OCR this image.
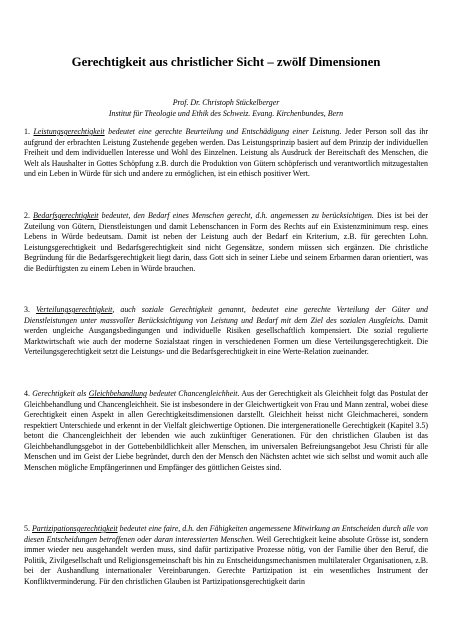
Gerechtigkeit aus christlicher Sicht – zwölf Dimensionen
Prof. Dr. Christoph Stückelberger
Institut für Theologie und Ethik des Schweiz. Evang. Kirchenbundes, Bern

1. Leistungsgerechtigkeit bedeutet eine gerechte Beurteilung und Entschädigung einer Leistung. Jeder Person soll das ihr aufgrund der erbrachten Leistung Zustehende gegeben werden. Das Leistungsprinzip basiert auf dem Prinzip der individuellen Freiheit und dem individuellen Interesse und Wohl des Einzelnen. Leistung als Ausdruck der Bereitschaft des Menschen, die Welt als Haushalter in Gottes Schöpfung z.B. durch die Produktion von Gütern schöpferisch und verantwortlich mitzugestalten und ein Leben in Würde für sich und andere zu ermöglichen, ist ein ethisch positiver Wert.

2. Bedarfsgerechtigkeit bedeutet, den Bedarf eines Menschen gerecht, d.h. angemessen zu berücksichtigen. Dies ist bei der Zuteilung von Gütern, Dienstleistungen und damit Lebenschancen in Form des Rechts auf ein Existenzminimum resp. eines Lebens in Würde bedeutsam. Damit ist neben der Leistung auch der Bedarf ein Kriterium, z.B. für gerechten Lohn. Leistungsgerechtigkeit und Bedarfsgerechtigkeit sind nicht Gegensätze, sondern müssen sich ergänzen. Die christliche Begründung für die Bedarfsgerechtigkeit liegt darin, dass Gott sich in seiner Liebe und seinem Erbarmen daran orientiert, was die Bedürftigsten zu einem Leben in Würde brauchen.

3. Verteilungsgerechtigkeit, auch soziale Gerechtigkeit genannt, bedeutet eine gerechte Verteilung der Güter und Dienstleistungen unter massvoller Berücksichtigung von Leistung und Bedarf mit dem Ziel des sozialen Ausgleichs. Damit werden ungleiche Ausgangsbedingungen und individuelle Risiken gesellschaftlich kompensiert. Die sozial regulierte Marktwirtschaft wie auch der moderne Sozialstaat ringen in verschiedenen Formen um diese Verteilungsgerechtigkeit. Die Verteilungsgerechtigkeit setzt die Leistungs- und die Bedarfsgerechtigkeit in eine Werte-Relation zueinander.

4. Gerechtigkeit als Gleichbehandlung bedeutet Chancengleichheit. Aus der Gerechtigkeit als Gleichheit folgt das Postulat der Gleichbehandlung und Chancengleichheit. Sie ist insbesondere in der Gleichwertigkeit von Frau und Mann zentral, wobei diese Gerechtigkeit einen Aspekt in allen Gerechtigkeitsdimensionen darstellt. Gleichheit heisst nicht Gleichmacherei, sondern respektiert Unterschiede und erkennt in der Vielfalt gleichwertige Optionen. Die intergenerationelle Gerechtigkeit (Kapitel 3.5) betont die Chancengleichheit der lebenden wie auch zukünftiger Generationen. Für den christlichen Glauben ist das Gleichbehandlungsgebot in der Gottebenbildlichkeit aller Menschen, im universalen Befreiungsangebot Jesu Christi für alle Menschen und im Geist der Liebe begründet, durch den der Mensch den Nächsten achtet wie sich selbst und womit auch alle Menschen mögliche Empfängerinnen und Empfänger des göttlichen Geistes sind.

5. Partizipationsgerechtigkeit bedeutet eine faire, d.h. den Fähigkeiten angemessene Mitwirkung an Entscheiden durch alle von diesen Entscheidungen betroffenen oder daran interessierten Menschen. Weil Gerechtigkeit keine absolute Grösse ist, sondern immer wieder neu ausgehandelt werden muss, sind dafür partizipative Prozesse nötig, von der Familie über den Beruf, die Politik, Zivilgesellschaft und Religionsgemeinschaft bis hin zu Entscheidungsmechanismen multilateraler Organisationen, z.B. bei der Aushandlung internationaler Vereinbarungen. Gerechte Partizipation ist ein wesentliches Instrument der Konfliktverminderung. Für den christlichen Glauben ist Partizipationsgerechtigkeit darin
